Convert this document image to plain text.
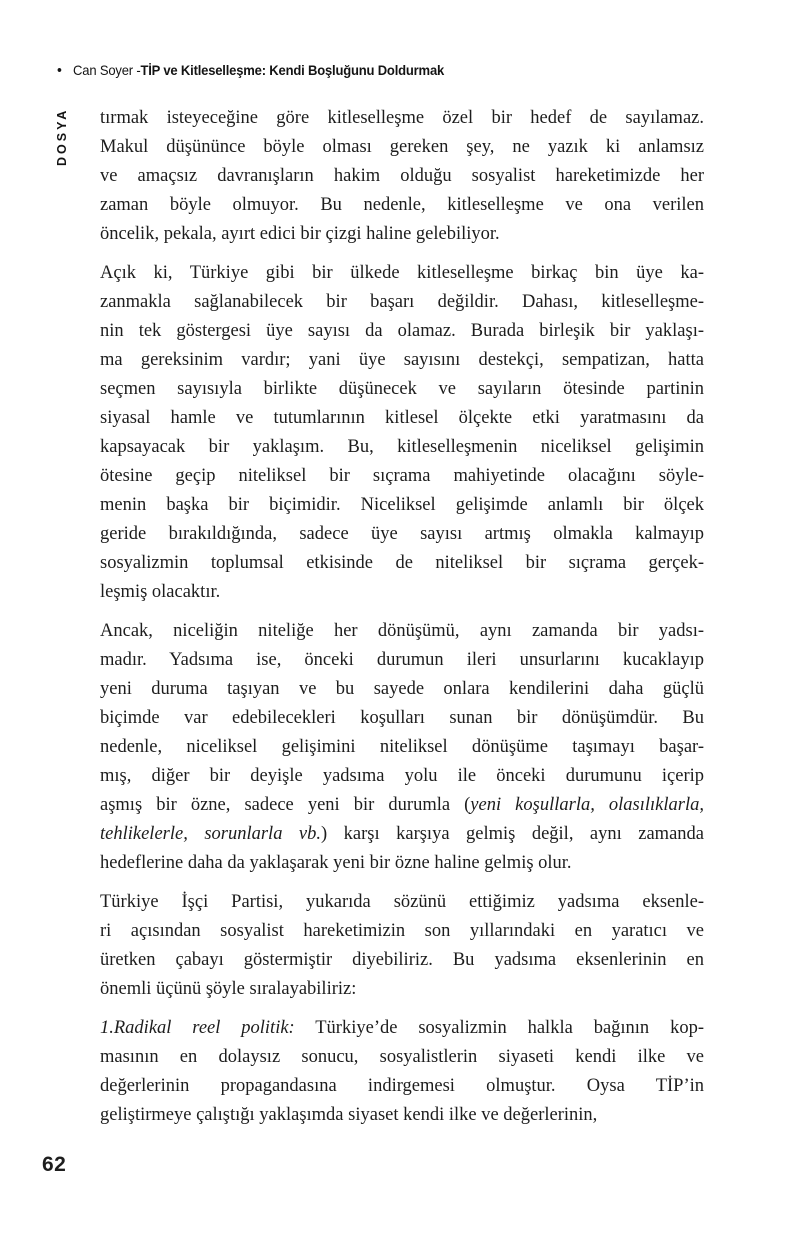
• Can Soyer - TİP ve Kitleselleşme: Kendi Boşluğunu Doldurmak
DOSYA tırmak isteyeceğine göre kitleselleşme özel bir hedef de sayılamaz.
Makul düşününce böyle olması gereken şey, ne yazık ki anlamsız
ve amaçsız davranışların hakim olduğu sosyalist hareketimizde her
zaman böyle olmuyor. Bu nedenle, kitleselleşme ve ona verilen
öncelik, pekala, ayırt edici bir çizgi haline gelebiliyor.
Açık ki, Türkiye gibi bir ülkede kitleselleşme birkaç bin üye ka-
zanmakla sağlanabilecek bir başarı değildir. Dahası, kitleselleşme-
nin tek göstergesi üye sayısı da olamaz. Burada birleşik bir yaklaşı-
ma gereksinim vardır; yani üye sayısını destekçi, sempatizan, hatta
seçmen sayısıyla birlikte düşünecek ve sayıların ötesinde partinin
siyasal hamle ve tutumlarının kitlesel ölçekte etki yaratmasını da
kapsayacak bir yaklaşım. Bu, kitleselleşmenin niceliksel gelişimin
ötesine geçip niteliksel bir sıçrama mahiyetinde olacağını söyle-
menin başka bir biçimidir. Niceliksel gelişimde anlamlı bir ölçek
geride bırakıldığında, sadece üye sayısı artmış olmakla kalmayıp
sosyalizmin toplumsal etkisinde de niteliksel bir sıçrama gerçek-
leşmiş olacaktır.
Ancak, niceliğin niteliğe her dönüşümü, aynı zamanda bir yadsı-
madır. Yadsıma ise, önceki durumun ileri unsurlarını kucaklayıp
yeni duruma taşıyan ve bu sayede onlara kendilerini daha güçlü
biçimde var edebilecekleri koşulları sunan bir dönüşümdür. Bu
nedenle, niceliksel gelişimini niteliksel dönüşüme taşımayı başar-
mış, diğer bir deyişle yadsıma yolu ile önceki durumunu içerip
aşmış bir özne, sadece yeni bir durumla (yeni koşullarla, olasılıklarla,
tehlikelerle, sorunlarla vb.) karşı karşıya gelmiş değil, aynı zamanda
hedeflerine daha da yaklaşarak yeni bir özne haline gelmiş olur.
Türkiye İşçi Partisi, yukarıda sözünü ettiğimiz yadsıma eksenle-
ri açısından sosyalist hareketimizin son yıllarındaki en yaratıcı ve
üretken çabayı göstermiştir diyebiliriz. Bu yadsıma eksenlerinin en
önemli üçünü şöyle sıralayabiliriz:
1.Radikal reel politik: Türkiye’de sosyalizmin halkla bağının kop-
masının en dolaysız sonucu, sosyalistlerin siyaseti kendi ilke ve
değerlerinin propagandasına indirgemesi olmuştur. Oysa TİP’in
geliştirmeye çalıştığı yaklaşımda siyaset kendi ilke ve değerlerinin,
62
